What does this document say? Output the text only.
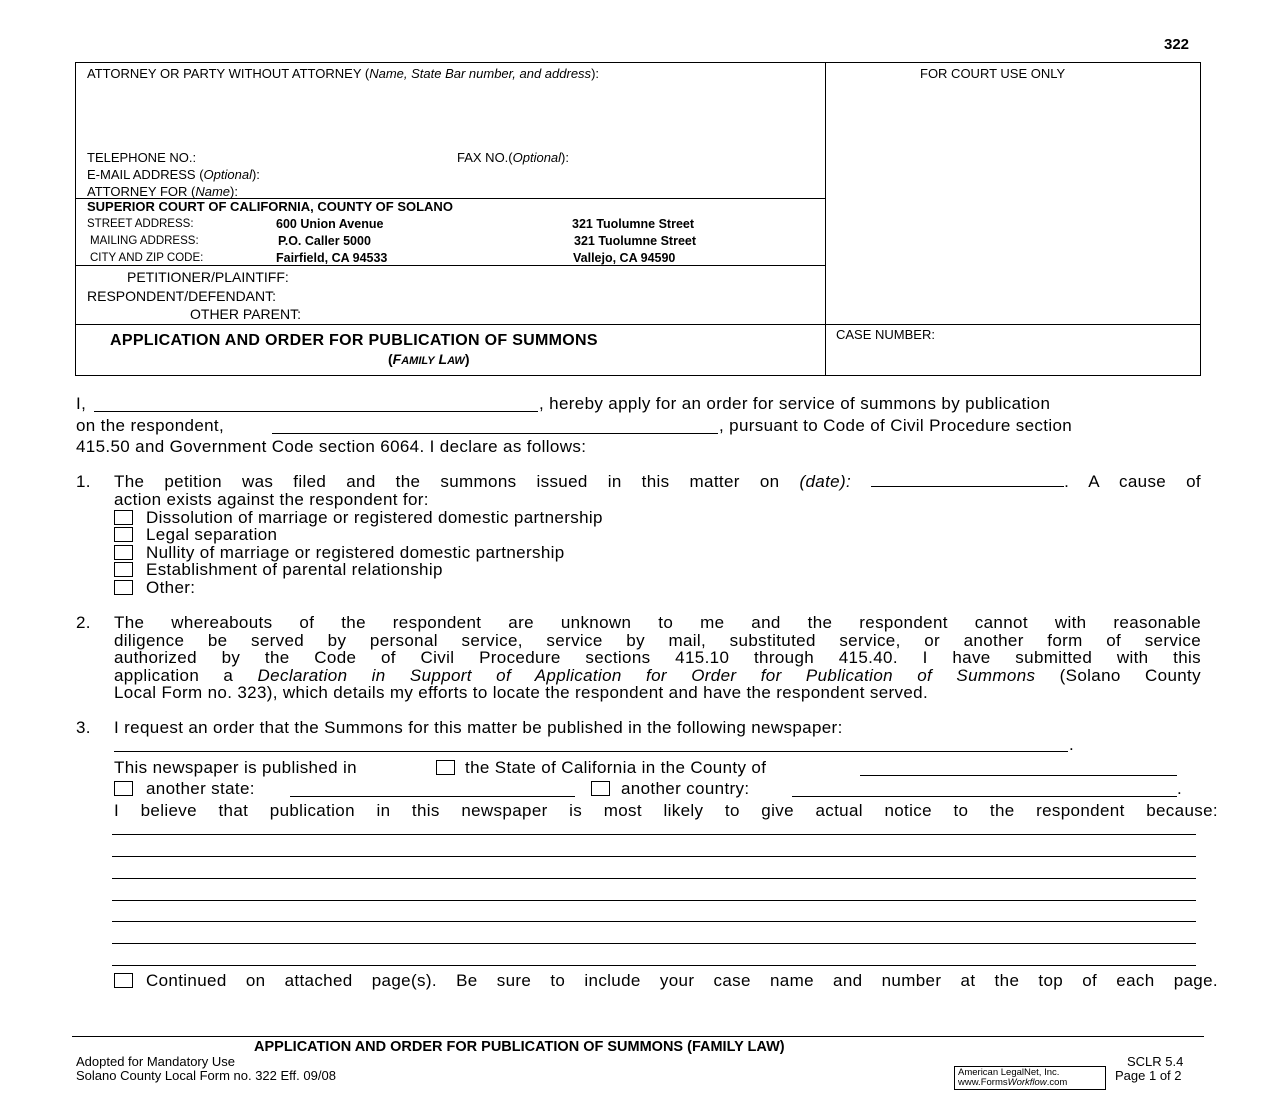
322
ATTORNEY OR PARTY WITHOUT ATTORNEY (Name, State Bar number, and address):	FOR COURT USE ONLY
TELEPHONE NO.:	FAX NO.(Optional):
E-MAIL ADDRESS (Optional):
ATTORNEY FOR (Name):
SUPERIOR COURT OF CALIFORNIA, COUNTY OF SOLANO
STREET ADDRESS:	600 Union Avenue	321 Tuolumne Street
MAILING ADDRESS:	P.O. Caller 5000	321 Tuolumne Street
CITY AND ZIP CODE:	Fairfield, CA 94533	Vallejo, CA 94590
PETITIONER/PLAINTIFF:
RESPONDENT/DEFENDANT:
OTHER PARENT:
APPLICATION AND ORDER FOR PUBLICATION OF SUMMONS
(FAMILY LAW)
CASE NUMBER:
I,	, hereby apply for an order for service of summons by publication
on the respondent,	, pursuant to Code of Civil Procedure section
415.50 and Government Code section 6064. I declare as follows:
1. The petition was filed and the summons issued in this matter on (date):	. A cause of
action exists against the respondent for:
Dissolution of marriage or registered domestic partnership
Legal separation
Nullity of marriage or registered domestic partnership
Establishment of parental relationship
Other:
2. The whereabouts of the respondent are unknown to me and the respondent cannot with reasonable
diligence be served by personal service, service by mail, substituted service, or another form of service
authorized by the Code of Civil Procedure sections 415.10 through 415.40. I have submitted with this
application a Declaration in Support of Application for Order for Publication of Summons (Solano County
Local Form no. 323), which details my efforts to locate the respondent and have the respondent served.
3. I request an order that the Summons for this matter be published in the following newspaper:
.
This newspaper is published in	the State of California in the County of
another state:	another country:	.
I believe that publication in this newspaper is most likely to give actual notice to the respondent because:
Continued on attached page(s). Be sure to include your case name and number at the top of each page.
APPLICATION AND ORDER FOR PUBLICATION OF SUMMONS (FAMILY LAW)
Adopted for Mandatory Use
Solano County Local Form no. 322 Eff. 09/08
SCLR 5.4
Page 1 of 2
American LegalNet, Inc.
www.FormsWorkflow.com
